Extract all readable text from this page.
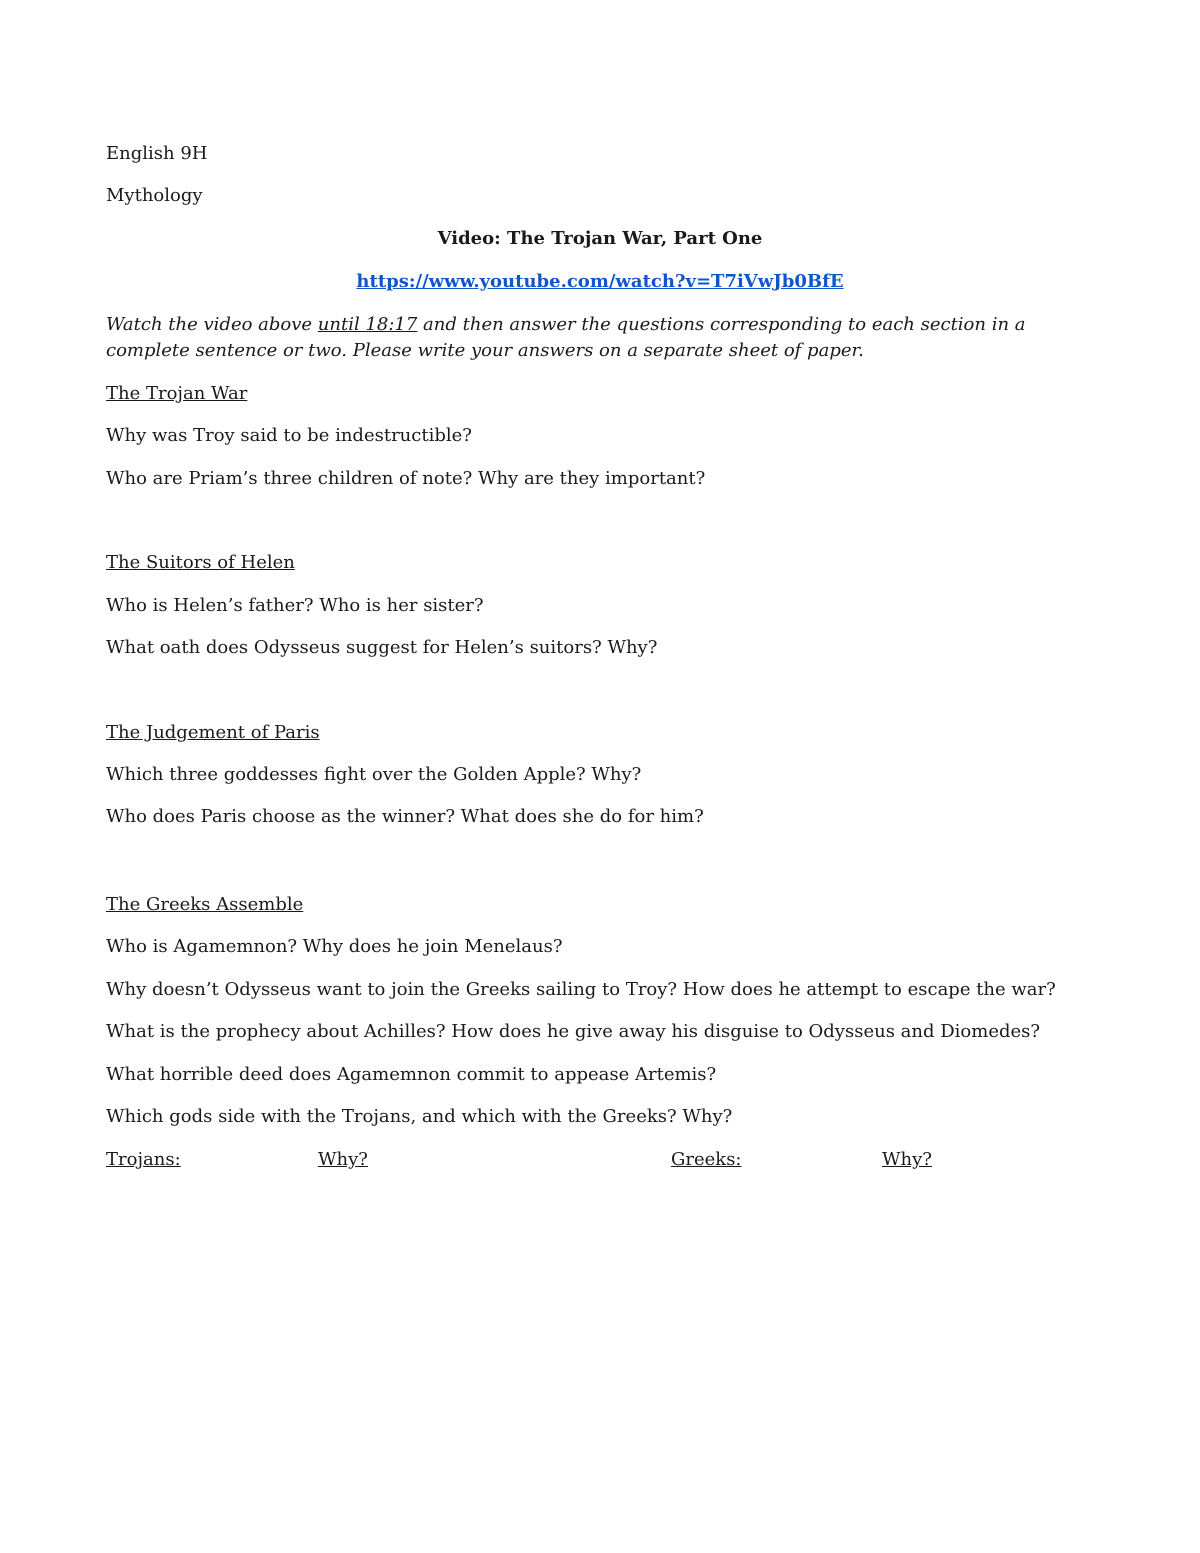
English 9H
Mythology
Video: The Trojan War, Part One
https://www.youtube.com/watch?v=T7iVwJb0BfE
Watch the video above until 18:17 and then answer the questions corresponding to each section in a complete sentence or two. Please write your answers on a separate sheet of paper.
The Trojan War
Why was Troy said to be indestructible?
Who are Priam’s three children of note? Why are they important?
The Suitors of Helen
Who is Helen’s father? Who is her sister?
What oath does Odysseus suggest for Helen’s suitors? Why?
The Judgement of Paris
Which three goddesses fight over the Golden Apple? Why?
Who does Paris choose as the winner? What does she do for him?
The Greeks Assemble
Who is Agamemnon? Why does he join Menelaus?
Why doesn’t Odysseus want to join the Greeks sailing to Troy? How does he attempt to escape the war?
What is the prophecy about Achilles? How does he give away his disguise to Odysseus and Diomedes?
What horrible deed does Agamemnon commit to appease Artemis?
Which gods side with the Trojans, and which with the Greeks? Why?
Trojans:	Why?	Greeks:	Why?
